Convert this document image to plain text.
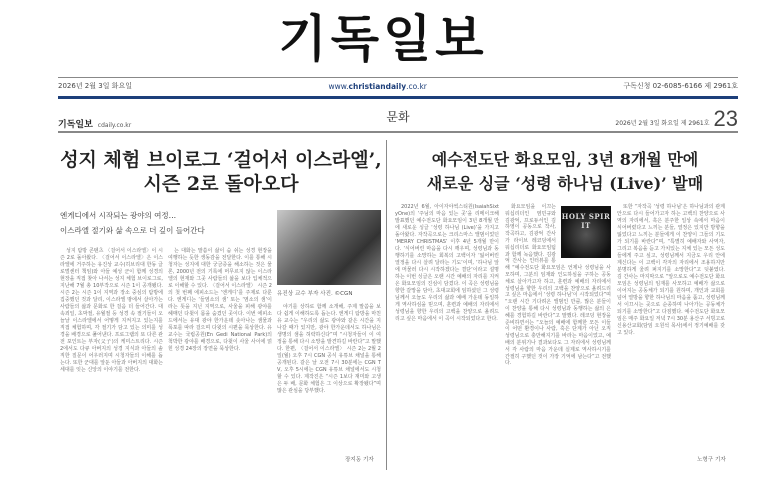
기독일보
2026년 2월 3일 화요일	www.christiandaily.co.kr	구독신청 02-6085-6166 제 2961호
기독일보 cdaily.co.kr
문화	2026년 2월 3일 화요일 제 2961호 23
성지 체험 브이로그 ‘걸어서 이스라엘’,
시즌 2로 돌아오다
엔게디에서 시작되는 광야의 여정…
이스라엘 절기와 삶 속으로 더 깊이 들어간다

성지 탐방 콘텐츠 〈걸어서 이스라엘〉이 시즌 2로 돌아왔다. 〈걸어서 이스라엘〉은 이스라엘에 거주하는 유진상 교수(히브리대 한동 글로벌센터 책임)와 아들 예성 군이 함께 성경의 현장을 직접 찾아 나서는 성지 체험 브이로그로, 지난해 7월 총 10부작으로 시즌 1이 공개됐다. 시즌 2는 시즌 1이 지역과 장소 중심의 탐방에 집중했던 것과 달리, 이스라엘 땅에서 살아가는 사람들의 삶과 문화로 한 걸음 더 들어간다. 대속죄일, 초막절, 유월절 등 성경 속 절기들이 오늘날 이스라엘에서 어떻게 지켜지고 있는지를 직접 체험하며, 각 절기가 담고 있는 의미를 성경을 배경으로 풀어낸다. 프로그램의 또 다른 관전 포인트는 부자(父子)의 케미스트리다. 시즌 2에서도 다큐 아버지의 성경 지식과 아들의 솔직한 질문이 어우러지며 시청자들의 이해를 돕는다. 또한 군대를 앞둔 아들과 아버지의 대화는 세대를 잇는 신앙의 이야기를 전한다.

는 대화는 말씀이 삶이 숨 쉬는 성경 현장을 여행하는 듯한 생동감을 전달한다. 이를 통해 시청자는 성지에 대한 궁금증을 해소하는 것은 물론, 2000년 전의 기록에 머무르지 않는 이스라엘의 현재와 그곳 사람들의 삶을 보다 입체적으로 이해할 수 있다. 〈걸어서 이스라엘〉 시즌 2의 첫 번째 에피소드는 ‘엔게디’를 주제로 다룬다. 엔게디는 ‘들염소의 샘’ 또는 ‘염소의 샘’이라는 뜻을 지닌 지역으로, 사울을 피해 광야를 헤매던 다윗이 몸을 숨겼던 곳이다. 이번 에피소드에서는 유대 광야 한가운데 솟아나는 샘물과 폭포를 따라 걸으며 다윗의 시편을 묵상한다. 유 교수는 국립공원(En Gedi National Park)의 척박한 광야를 배경으로, 다윗이 사울 사이에 얽힌 성경 24장의 장면을 묵상한다.

유진상 교수 부자 사진. ©CGN

야기를 상하로 함께 소개해, 주제 말씀을 보다 쉽게 이해하도록 돕는다. 엔게디 탐방을 마친 유 교수는 “우리의 삶도 광야와 같은 시간을 지나갈 때가 있지만, 광야 한가운데서도 하나님은 생명의 샘을 허락하신다”며 “시청자들이 이 여정을 통해 다시 소망을 발견하길 바란다”고 말했다. 한편, 〈걸어서 이스라엘〉 시즌 2는 2월 2일(월) 오후 7시 CGN 공식 유튜브 채널을 통해 공개된다. 같은 날 오전 7시 30분에는 CGN TV, 오후 5시에는 CGN 유튜브 채널에서도 시청할 수 있다. 제작진은 “시즌 1보다 재미와 고생은 두 배, 문화 체험은 그 이상으로 확장됐다”며 많은 관심을 당부했다.

장지동 기자
예수전도단 화요모임, 3년 8개월 만에
새로운 싱글 ‘성령 하나님 (Live)’ 발매

2022년 6월, 아이자야씩스티원(IsaiahSixtyOne)의 ‘주님의 마음 있는 곳’을 리메이크해 발표했던 예수전도단 화요모임이 3년 8개월 만에 새로운 싱글 ‘성령 하나님 (Live)’을 가지고 돌아왔다. 자작곡으로는 크리스마스 앨범이었던 ‘MERRY CHRISTMAS’ 이후 4년 5개월 만이다. ‘식어버린 마음을 다시 깨우며, 성령님과 동행하기를 소망하는 회복의 고백이자 ‘잃어버린 열정을 다시 살려 달라는 기도’이며, ‘하나님 앞에 머물러 다시 시작하겠다는 결단’이라고 설명하는 이번 싱글은 오랜 시간 예배의 자리를 지켜온 화요모임의 진심이 담겼다. 이 곡은 성령님을 향한 갈망을 담아, 초대교회에 임하셨던 그 성령님께서 오늘도 우리의 삶과 예배 가운데 동일하게 역사하심을 믿으며, 훈련과 예배의 자리에서 성령님을 향한 우리의 고백을 찬양으로 올려드리고 싶은 마음에서 이 곡이 시작되었다고 한다.

HOLY SPIRIT

화요모임을 이끄는 워십리더인 염민규와 김광억, 프로듀서인 김하영이 공동으로 작사, 작곡하고, 김광억 간사가 라이브 레코딩에서 워십리더로 화요모임팀과 함께 녹음했다. 김광억 간사는 인터뷰를 통해 “예수전도단 화요모임은 언제나 성령님을 사모하며, 그분의 임재와 인도하심을 구하는 공동체로 살아가고자 하고, 훈련과 예배의 자리에서 성령님을 향한 우리의 고백을 찬양으로 올려드리고 싶은 마음에서 ‘성령 하나님’이 시작되었다”며 “오랜 시간 기다려온 앨범인 만큼, 많은 분들이 이 찬양을 통해 다시 성령님과 동행하는 삶의 은혜를 경험하길 바란다”고 말했다. 레코딩 현장을 준비하면서는 “오늘의 예배에 함께한 모든 이들이 어떤 환경이나 사람, 혹은 단계가 아닌 오직 성령님으로 충만해지기를 바라는 마음이었고, 예배의 분위기나 결과보다도 그 자리에서 성령님께서 각 사람의 마음 가운데 실제로 역사하시기를 간절히 구했던 것이 가장 기억에 남는다”고 전했다.

또한 “자작곡 ‘성령 하나님’은 하나님과의 관계 안으로 다시 들어가고자 하는 고백의 찬양으로 사역의 자리에서, 혹은 분주한 일상 속에서 마음이 식어버렸다고 느끼는 분들, 열정은 있지만 방향을 잃었다고 느끼는 분들에게 이 찬양이 그들의 기도가 되기를 바란다”며, “특별히 예배자와 사역자, 그리고 복음을 듣고 가치있는 지체 있는 모든 성도들에게 주고 싶고, 성령님께서 지금도 우리 안에 계신다는 이 고백이 각자의 자리에서 조용하지만 분명하게 울려 퍼지기를 소망한다”고 덧붙였다. 김 간사는 마지막으로 “앞으로도 예수전도단 화요모임은 성령님의 임재를 사모하고 예배가 삶으로 이어지는 공동체가 되기를 원하며, 개인과 교회를 넘어 열방을 향한 하나님의 마음을 품고, 성령님께서 이끄시는 곳으로 순종하며 나아가는 공동체가 되기를 소망한다”고 다짐했다. 예수전도단 화요모임은 매주 화요일 저녁 7시 30분 용산구 서빙고로 신용산교회(담임 오원석 목사)에서 정기예배를 갖고 있다.

노형구 기자
